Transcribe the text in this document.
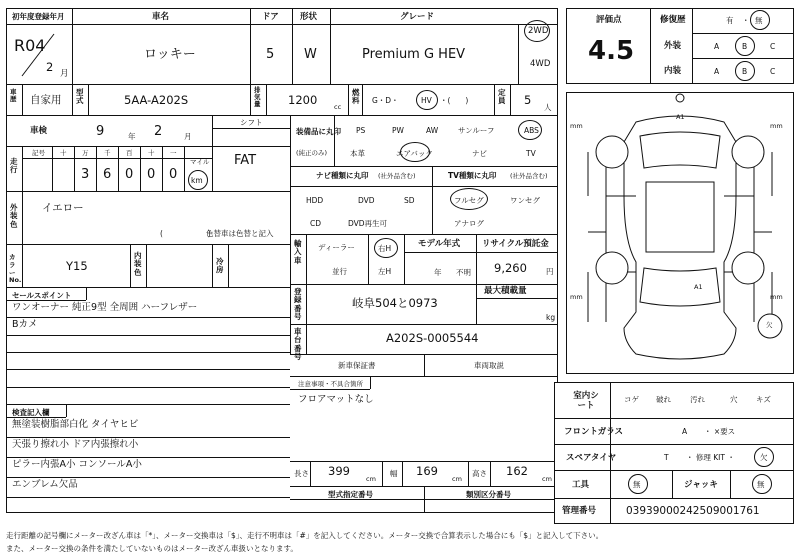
初年度登録年月
R04
2 月
車名
ロッキー
ドア
5
形状
W
グレード
Premium G HEV
2WD
4WD
車歴 自家用
型式	5AA-A202S
排気量 1200	cc
燃料 G・D・	HV ・(　　)
定員 5
人
車検	9	年 2	月
シフト
FAT
走行
記号 十 万
3
千
6
百
0
十
0
一
0
マイル
km
外装色
イエロー
(　　　　　　)
色替車は色替と記入
カラーNo.
Y15
内装色
冷房
セールスポイント
ワンオーナー 純正9型 全周囲 ハーフレザー
Bカメ
検査記入欄
無塗装樹脂部白化 タイヤヒビ
天張り擦れ小 ドア内張擦れ小
ピラー内張A小 コンソールA小
エンブレム欠品
装備品に丸印
(純正のみ)
PS	PW	AW	サンルーフ	ABS
本革	エアバック	ナビ	TV
ナビ種類に丸印 (社外品含む)	TV種類に丸印 (社外品含む)
HDD	DVD	SD
CD	DVD再生可
フルセグ	ワンセグ
アナログ
輸入車
ディーラー
並行
右H
左H
モデル年式
年 不明
リサイクル預託金
9,260	円
登録番号
岐阜504と0973
最大積載量
kg
車台番号
A202S-0005544
新車保証書	車両取説
注意事項・不具合箇所
フロアマットなし
長さ 399
cm
幅 169
cm
高さ 162
cm
型式指定番号	類別区分番号
評価点
4.5
修復歴	有 ・ 無
外装
内装
A	B	C
A	B	C
A1
A1
mm	mm
mm	mm
欠
室内シート
コゲ 破れ	汚れ	穴 キズ
フロントガラス	A ・ ×要ス
スペアタイヤ	T ・ 修理 KIT ・	欠
工具	無	ジャッキ	無
管理番号	03939000242509001761
走行距離の記号欄にメーター改ざん車は「*」、メーター交換車は「$」、走行不明車は「#」を記入してください。メーター交換で合算表示した場合にも「$」と記入して下さい。
また、メーター交換の条件を満たしていないものはメーター改ざん車扱いとなります。
